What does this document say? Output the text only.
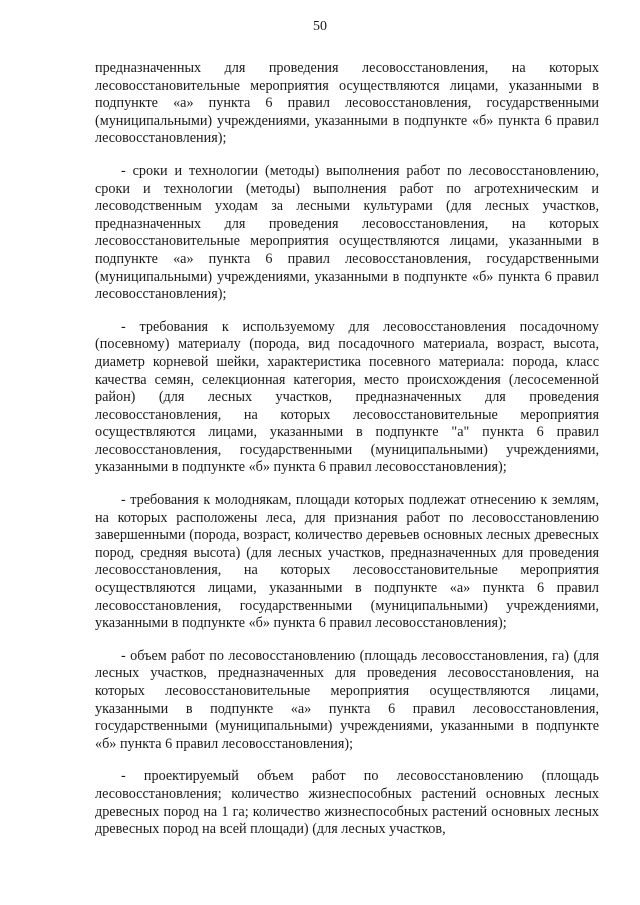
50

предназначенных для проведения лесовосстановления, на которых лесовосстановительные мероприятия осуществляются лицами, указанными в подпункте «а» пункта 6 правил лесовосстановления, государственными (муниципальными) учреждениями, указанными в подпункте «б» пункта 6 правил лесовосстановления);

- сроки и технологии (методы) выполнения работ по лесовосстановлению, сроки и технологии (методы) выполнения работ по агротехническим и лесоводственным уходам за лесными культурами (для лесных участков, предназначенных для проведения лесовосстановления, на которых лесовосстановительные мероприятия осуществляются лицами, указанными в подпункте «а» пункта 6 правил лесовосстановления, государственными (муниципальными) учреждениями, указанными в подпункте «б» пункта 6 правил лесовосстановления);

- требования к используемому для лесовосстановления посадочному (посевному) материалу (порода, вид посадочного материала, возраст, высота, диаметр корневой шейки, характеристика посевного материала: порода, класс качества семян, селекционная категория, место происхождения (лесосеменной район) (для лесных участков, предназначенных для проведения лесовосстановления, на которых лесовосстановительные мероприятия осуществляются лицами, указанными в подпункте "а" пункта 6 правил лесовосстановления, государственными (муниципальными) учреждениями, указанными в подпункте «б» пункта 6 правил лесовосстановления);

- требования к молоднякам, площади которых подлежат отнесению к землям, на которых расположены леса, для признания работ по лесовосстановлению завершенными (порода, возраст, количество деревьев основных лесных древесных пород, средняя высота) (для лесных участков, предназначенных для проведения лесовосстановления, на которых лесовосстановительные мероприятия осуществляются лицами, указанными в подпункте «а» пункта 6 правил лесовосстановления, государственными (муниципальными) учреждениями, указанными в подпункте «б» пункта 6 правил лесовосстановления);

- объем работ по лесовосстановлению (площадь лесовосстановления, га) (для лесных участков, предназначенных для проведения лесовосстановления, на которых лесовосстановительные мероприятия осуществляются лицами, указанными в подпункте «а» пункта 6 правил лесовосстановления, государственными (муниципальными) учреждениями, указанными в подпункте «б» пункта 6 правил лесовосстановления);

- проектируемый объем работ по лесовосстановлению (площадь лесовосстановления; количество жизнеспособных растений основных лесных древесных пород на 1 га; количество жизнеспособных растений основных лесных древесных пород на всей площади) (для лесных участков,
